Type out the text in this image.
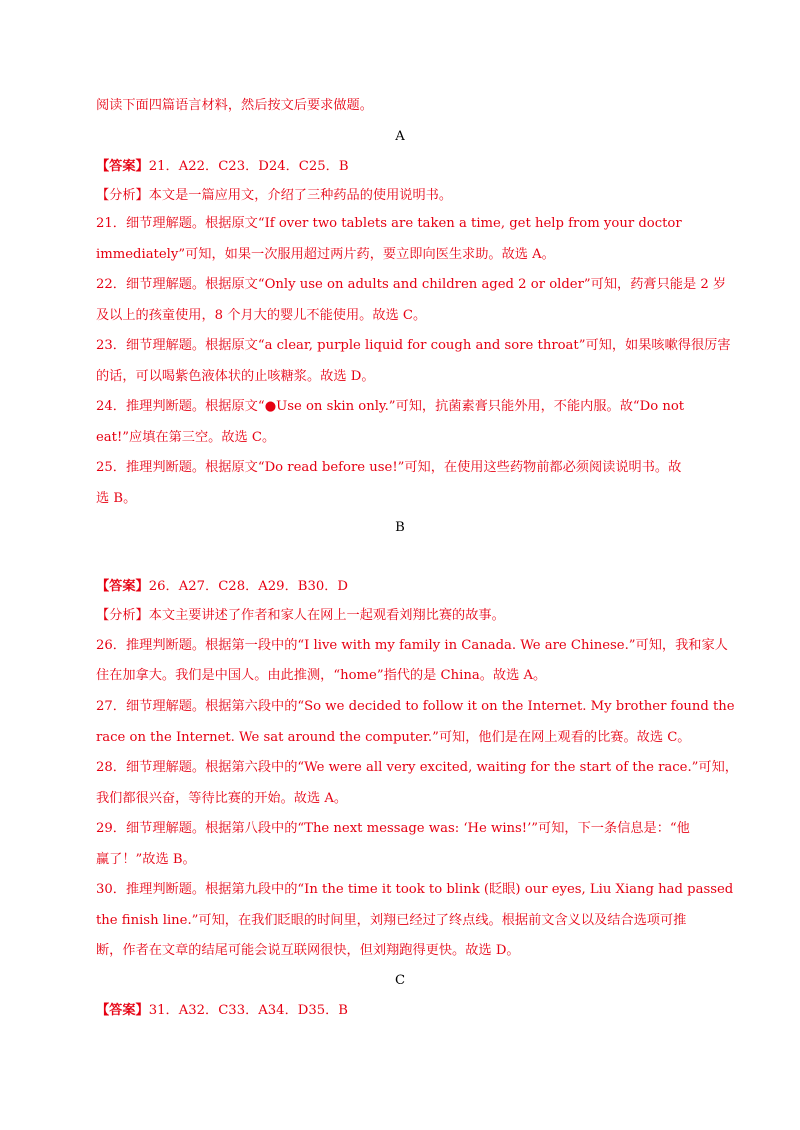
阅读下面四篇语言材料，然后按文后要求做题。
A
【答案】21．A22．C23．D24．C25．B
【分析】本文是一篇应用文，介绍了三种药品的使用说明书。
21．细节理解题。根据原文“If over two tablets are taken a time, get help from your doctor
immediately”可知，如果一次服用超过两片药，要立即向医生求助。故选 A。
22．细节理解题。根据原文“Only use on adults and children aged 2 or older”可知，药膏只能是 2 岁
及以上的孩童使用，8 个月大的婴儿不能使用。故选 C。
23．细节理解题。根据原文“a clear, purple liquid for cough and sore throat”可知，如果咳嗽得很厉害
的话，可以喝紫色液体状的止咳糖浆。故选 D。
24．推理判断题。根据原文“●Use on skin only.”可知，抗菌素膏只能外用，不能内服。故“Do not
eat!”应填在第三空。故选 C。
25．推理判断题。根据原文“Do read before use!”可知，在使用这些药物前都必须阅读说明书。故
选 B。
B
【答案】26．A27．C28．A29．B30．D
【分析】本文主要讲述了作者和家人在网上一起观看刘翔比赛的故事。
26．推理判断题。根据第一段中的“I live with my family in Canada. We are Chinese.”可知，我和家人
住在加拿大。我们是中国人。由此推测，“home”指代的是 China。故选 A。
27．细节理解题。根据第六段中的“So we decided to follow it on the Internet. My brother found the
race on the Internet. We sat around the computer.”可知，他们是在网上观看的比赛。故选 C。
28．细节理解题。根据第六段中的“We were all very excited, waiting for the start of the race.”可知，
我们都很兴奋，等待比赛的开始。故选 A。
29．细节理解题。根据第八段中的“The next message was: ‘He wins!’”可知，下一条信息是：“他
赢了！”故选 B。
30．推理判断题。根据第九段中的“In the time it took to blink (眨眼) our eyes, Liu Xiang had passed
the finish line.”可知，在我们眨眼的时间里，刘翔已经过了终点线。根据前文含义以及结合选项可推
断，作者在文章的结尾可能会说互联网很快，但刘翔跑得更快。故选 D。
C
【答案】31．A32．C33．A34．D35．B
